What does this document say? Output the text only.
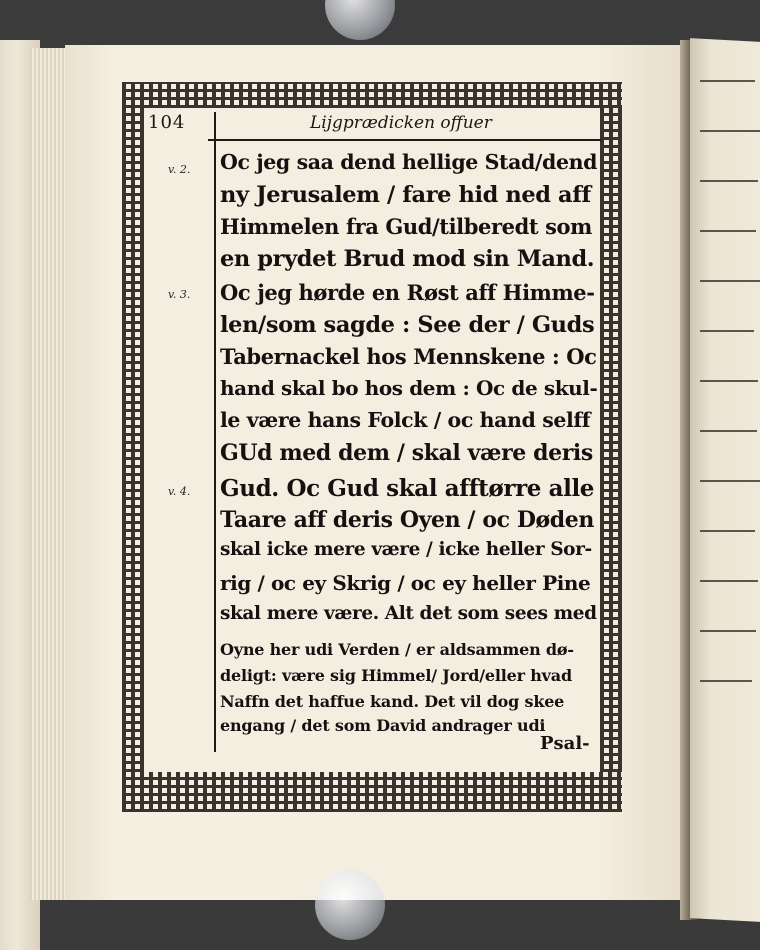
104	Lijgprædicken offuer
v. 2.
v. 3.
v. 4.
Oc jeg saa dend hellige Stad/dend
ny Jerusalem / fare hid ned aff
Himmelen fra Gud/tilberedt som
en prydet Brud mod sin Mand.
Oc jeg hørde en Røst aff Himme-
len/som sagde : See der / Guds
Tabernackel hos Mennskene : Oc
hand skal bo hos dem : Oc de skul-
le være hans Folck / oc hand selff
GUd med dem / skal være deris
Gud. Oc Gud skal afftørre alle
Taare aff deris Oyen / oc Døden
skal icke mere være / icke heller Sor-
rig / oc ey Skrig / oc ey heller Pine
skal mere være. Alt det som sees med
Oyne her udi Verden / er aldsammen dø-
deligt: være sig Himmel/ Jord/eller hvad
Naffn det haffue kand. Det vil dog skee
engang / det som David andrager udi
Psal-
